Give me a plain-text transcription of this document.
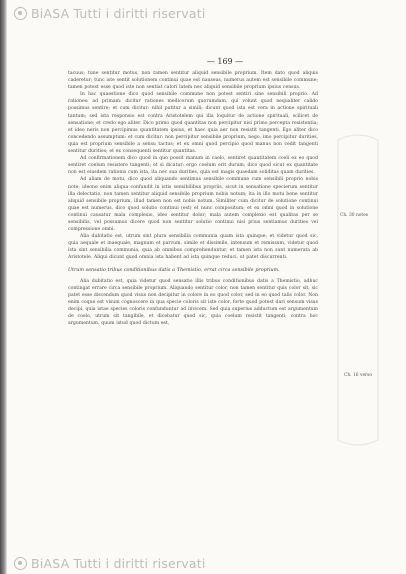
BiASA Tutti i diritti riservati

— 169 —

tacuus; tune sentitur motus, non tamen sentitur aliquid sensibile proprium. Item dato quod aliquis caderetur; tunc iste sentit solutionem continui quae est nauseas, numerus autem est sensibile commune; tamen potest esse quod iste non sentiat calori latem nec aliquid sensibile proprium ipsius census.

In hac quaestione dico quod sensibile commune non potest sentiri sine sensibili proprio. Ad rationes: ad primam: dicitur rationes medicorum quorumdam, qui volunt quod nequaliter calido possimus sentire; et cum dicitur: nihil patitur a simili; dicunt quod ista est vera in actione spirituali tantum; sed ista responsio est contra Aristotelem qui illa loquitur de actione spirituali, scilicet de sensatione; et credo ego aliter. Dico primo quod quantitas non percipitur nisi primo percepta resistentia; et ideo neris non percipimus quantitatem ipsius, et haec quia aer non resistit tangenti. Ego aliter dico concedendo assumptum: et cum dicitur: non percipitur sensibile proprium, nego, imo percipitur durities, quia est proprium sensibile a sensu tactus; et ex omni quod percipio quod manus non cedit tangenti sentitur durities; et ex consequenti sentitur quantitas.

Ad confirmationem dico quod in quo possit manum in caelo, sentiret quantitatem coeli ex eo quod sentiret coelum resistere tangenti; et si dicatur: ergo coelum erit durum; dico quod sicut ex quantitate non est eiusdem rationis cum ista, ita nec sua durities, quia est magis quaedam soliditas quam durities.

Ad aliam de motu, dico quod aliquando sentimus sensibile commune cum sensibili proprio nobis note; ideone enim aliqua confundit in istis sensibilibus propriis, sicut in sensatione specierum sentitur illa delectatio, non tamen sentitur aliquid sensibile proprium nobis notum; ita in illo motu bene sentitur aliquid sensibile proprium, illud tamen non est nobis notum. Similiter cum dicitur de solutione continui quae est numerus, dico quod solutio continui (est) et nunc compositum; et ex omni quod in solutione continui causatur mala complexio, ideo sentitur dolor; mala autem complexio est qualitas per se sensibilis, vel possumus dicere quod non sentitur solutio continui nisi prius sentiamus durities vel compressione omni.

Alia dubitatio est, utrum sint plura sensibilia communia quam ista quinque; et videtur quod sic, quia aequale et inaequale, magnum et parvum, simile et dissimile, intensum et remissum, videtur quod ista sint sensibilia communia, quia ab omnibus comprehenduntur, et tamen ista non sunt numerata ab Aristotele. Aliqui dicunt quod omnia ista habent ad ista quinque reduci, ut patet discurrenti.

Utrum sensatio tribus conditionibus datis a Themistio, errat circa sensibile proprium.

Alia dubitatio est, quia videtur quod sensatio illis tribus conditionibus datis a Themistio, adhuc contingat errare circa sensibile proprium. Aliquando sentitur color, non tamen sentitur quis color sit, sic patet esse discendum quod visus non decipitur in colore in eo quod color, sed in eo quod talis color. Non enim coque est visum cognoscere in qua specie coloris sit iste color, forte quod potest dari sensum visus decipi, quia istae species coloris confunduntur ad invicem. Sed quia superius adductum est argumentum de coelo, utrum sit tangibile, et dicebatur quod sic, quia coelum resistit tangenti; contra hoc argumentum, quum istud quod dictum est,

Ch. 30 notes
Ch. 16 verso
BiASA Tutti i diritti riservati
